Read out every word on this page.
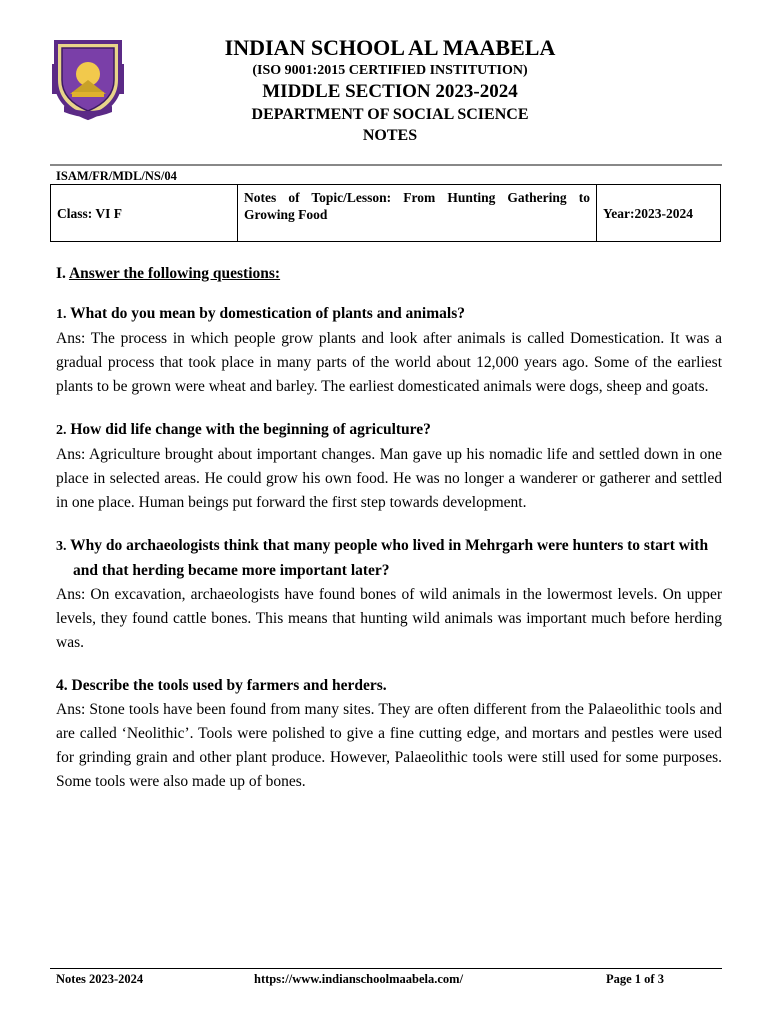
INDIAN SCHOOL AL MAABELA
(ISO 9001:2015 CERTIFIED INSTITUTION)
MIDDLE SECTION 2023-2024
DEPARTMENT OF SOCIAL SCIENCE
NOTES
ISAM/FR/MDL/NS/04
Class: VI F	Notes of Topic/Lesson: From Hunting Gathering to Growing Food	Year:2023-2024
I. Answer the following questions:
1. What do you mean by domestication of plants and animals?

Ans: The process in which people grow plants and look after animals is called Domestication. It was a gradual process that took place in many parts of the world about 12,000 years ago. Some of the earliest plants to be grown were wheat and barley. The earliest domesticated animals were dogs, sheep and goats.

2. How did life change with the beginning of agriculture?

Ans: Agriculture brought about important changes. Man gave up his nomadic life and settled down in one place in selected areas. He could grow his own food. He was no longer a wanderer or gatherer and settled in one place. Human beings put forward the first step towards development.

3. Why do archaeologists think that many people who lived in Mehrgarh were hunters to start with and that herding became more important later?

Ans: On excavation, archaeologists have found bones of wild animals in the lowermost levels. On upper levels, they found cattle bones. This means that hunting wild animals was important much before herding was.

4. Describe the tools used by farmers and herders.

Ans: Stone tools have been found from many sites. They are often different from the Palaeolithic tools and are called ‘Neolithic’. Tools were polished to give a fine cutting edge, and mortars and pestles were used for grinding grain and other plant produce. However, Palaeolithic tools were still used for some purposes. Some tools were also made up of bones.

Notes 2023-2024	https://www.indianschoolmaabela.com/	Page 1 of 3
